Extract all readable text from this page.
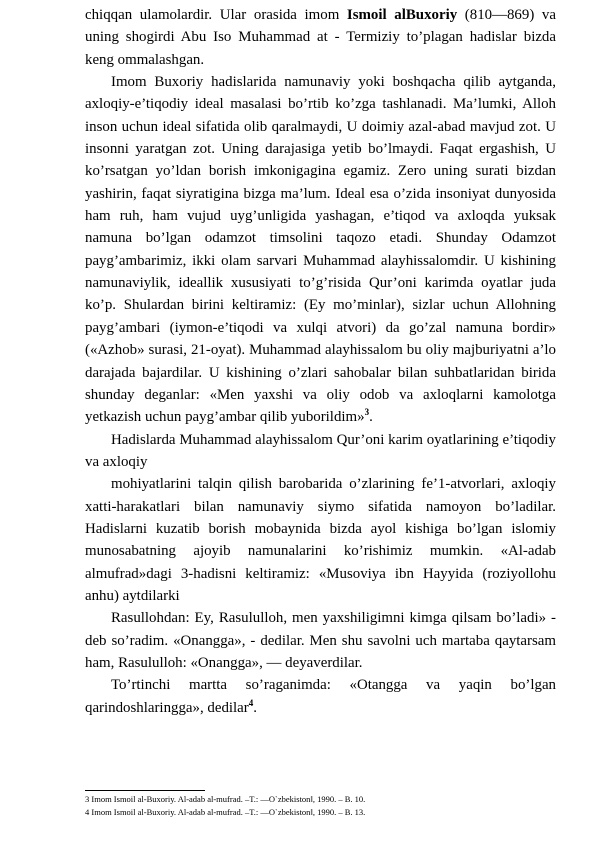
chiqqan ulamolardir. Ular orasida imom Ismoil alBuxoriy (810—869) va uning shogirdi Abu Iso Muhammad at - Termiziy to’plagan hadislar bizda keng ommalashgan.

Imom Buxoriy hadislarida namunaviy yoki boshqacha qilib aytganda, axloqiy-e’tiqodiy ideal masalasi bo’rtib ko’zga tashlanadi. Ma’lumki, Alloh inson uchun ideal sifatida olib qaralmaydi, U doimiy azal-abad mavjud zot. U insonni yaratgan zot. Uning darajasiga yetib bo’lmaydi. Faqat ergashish, U ko’rsatgan yo’ldan borish imkonigagina egamiz. Zero uning surati bizdan yashirin, faqat siyratigina bizga ma’lum. Ideal esa o’zida insoniyat dunyosida ham ruh, ham vujud uyg’unligida yashagan, e’tiqod va axloqda yuksak namuna bo’lgan odamzot timsolini taqozo etadi. Shunday Odamzot payg’ambarimiz, ikki olam sarvari Muhammad alayhissalomdir. U kishining namunaviylik, ideallik xususiyati to’g’risida Qur’oni karimda oyatlar juda ko’p. Shulardan birini keltiramiz: (Ey mo’minlar), sizlar uchun Allohning payg’ambari (iymon-e’tiqodi va xulqi atvori) da go’zal namuna bordir» («Azhob» surasi, 21-oyat). Muhammad alayhissalom bu oliy majburiyatni a’lo darajada bajardilar. U kishining o’zlari sahobalar bilan suhbatlaridan birida shunday deganlar: «Men yaxshi va oliy odob va axloqlarni kamolotga yetkazish uchun payg’ambar qilib yuborildim»$^3$.

Hadislarda Muhammad alayhissalom Qur’oni karim oyatlarining e’tiqodiy va axloqiy

mohiyatlarini talqin qilish barobarida o’zlarining fe’1-atvorlari, axloqiy xatti-harakatlari bilan namunaviy siymo sifatida namoyon bo’ladilar. Hadislarni kuzatib borish mobaynida bizda ayol kishiga bo’lgan islomiy munosabatning ajoyib namunalarini ko’rishimiz mumkin. «Al-adab almufrad»dagi 3-hadisni keltiramiz: «Musoviya ibn Hayyida (roziyollohu anhu) aytdilarki

Rasullohdan: Ey, Rasululloh, men yaxshiligimni kimga qilsam bo’ladi» - deb so’radim. «Onangga», - dedilar. Men shu savolni uch martaba qaytarsam ham, Rasululloh: «Onangga», — deyaverdilar.

To’rtinchi martta so’raganimda: «Otangga va yaqin bo’lgan qarindoshlaringga», dedilar$^4$.

3 Imom Ismoil al-Buxoriy. Al-adab al-mufrad. –T.: ―O`zbekiston‖, 1990. – B. 10.

4 Imom Ismoil al-Buxoriy. Al-adab al-mufrad. –T.: ―O`zbekiston‖, 1990. – B. 13.
